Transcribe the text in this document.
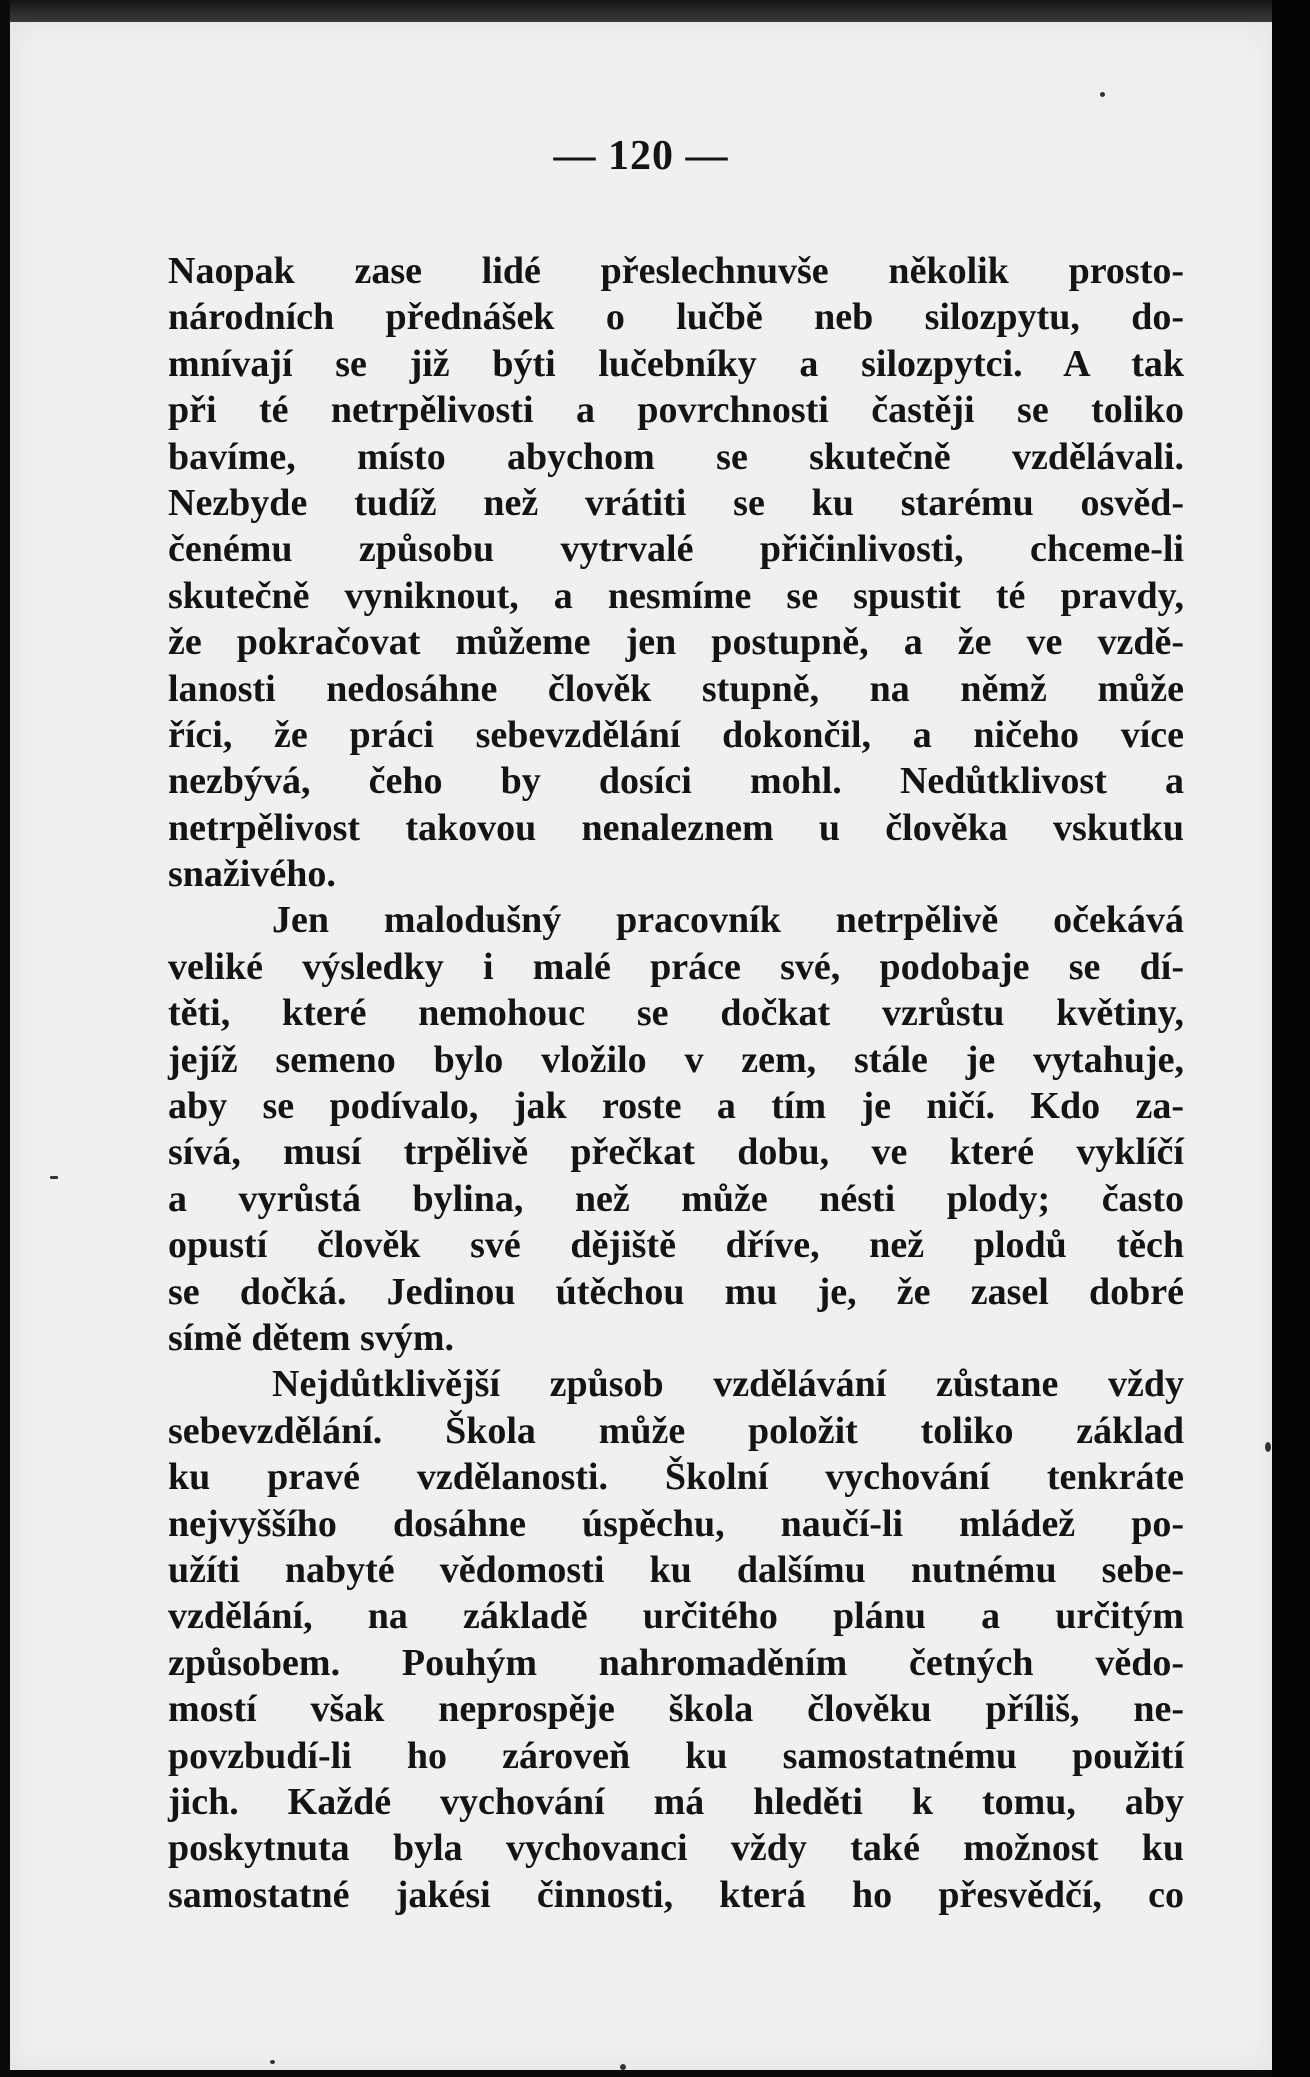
— 120 —
Naopak zase lidé přeslechnuvše několik prosto-
národních přednášek o lučbě neb silozpytu, do-
mnívají se již býti lučebníky a silozpytci. A tak
při té netrpělivosti a povrchnosti častěji se toliko
bavíme, místo abychom se skutečně vzdělávali.
Nezbyde tudíž než vrátiti se ku starému osvěd-
čenému způsobu vytrvalé přičinlivosti, chceme-li
skutečně vyniknout, a nesmíme se spustit té pravdy,
že pokračovat můžeme jen postupně, a že ve vzdě-
lanosti nedosáhne člověk stupně, na němž může
říci, že práci sebevzdělání dokončil, a ničeho více
nezbývá, čeho by dosíci mohl. Nedůtklivost a
netrpělivost takovou nenaleznem u člověka vskutku
snaživého.
Jen malodušný pracovník netrpělivě očekává
veliké výsledky i malé práce své, podobaje se dí-
těti, které nemohouc se dočkat vzrůstu květiny,
jejíž semeno bylo vložilo v zem, stále je vytahuje,
aby se podívalo, jak roste a tím je ničí. Kdo za-
sívá, musí trpělivě přečkat dobu, ve které vyklíčí
a vyrůstá bylina, než může nésti plody; často
opustí člověk své dějiště dříve, než plodů těch
se dočká. Jedinou útěchou mu je, že zasel dobré
símě dětem svým.
Nejdůtklivější způsob vzdělávání zůstane vždy
sebevzdělání. Škola může položit toliko základ
ku pravé vzdělanosti. Školní vychování tenkráte
nejvyššího dosáhne úspěchu, naučí-li mládež po-
užíti nabyté vědomosti ku dalšímu nutnému sebe-
vzdělání, na základě určitého plánu a určitým
způsobem. Pouhým nahromaděním četných vědo-
mostí však neprospěje škola člověku příliš, ne-
povzbudí-li ho zároveň ku samostatnému použití
jich. Každé vychování má hleděti k tomu, aby
poskytnuta byla vychovanci vždy také možnost ku
samostatné jakési činnosti, která ho přesvědčí, co
